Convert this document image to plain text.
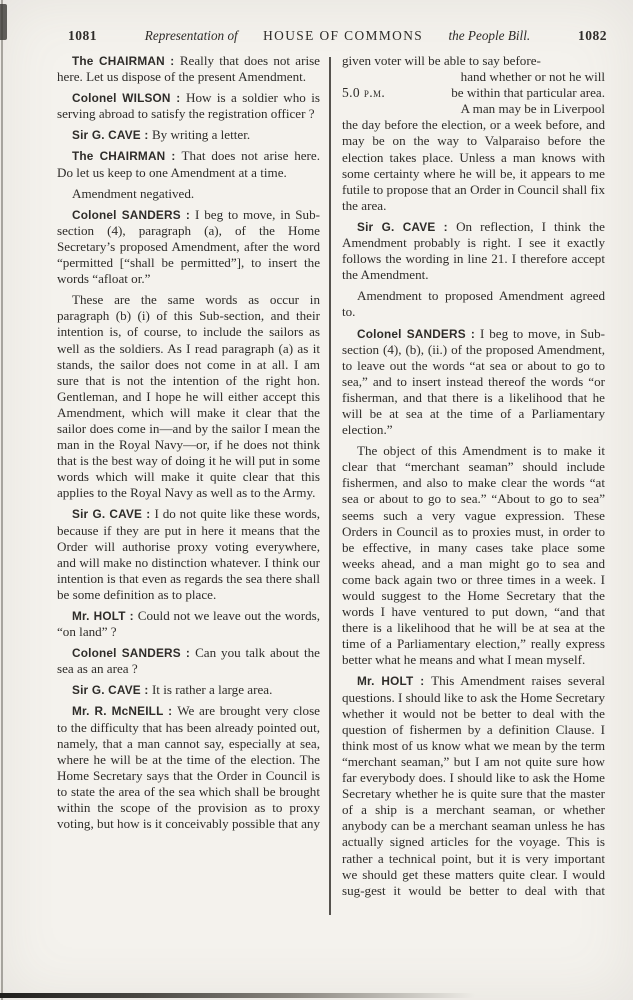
1081	Representation of HOUSE OF COMMONS the People Bill.	1082

The CHAIRMAN : Really that does not arise here. Let us dispose of the present Amendment.

Colonel WILSON : How is a soldier who is serving abroad to satisfy the registration officer ?

Sir G. CAVE : By writing a letter.

The CHAIRMAN : That does not arise here. Do let us keep to one Amendment at a time.

Amendment negatived.

Colonel SANDERS : I beg to move, in Sub-section (4), paragraph (a), of the Home Secretary’s proposed Amendment, after the word “permitted [“shall be permitted”], to insert the words “afloat or.”

These are the same words as occur in paragraph (b) (i) of this Sub-section, and their intention is, of course, to include the sailors as well as the soldiers. As I read paragraph (a) as it stands, the sailor does not come in at all. I am sure that is not the intention of the right hon. Gentleman, and I hope he will either accept this Amendment, which will make it clear that the sailor does come in—and by the sailor I mean the man in the Royal Navy—or, if he does not think that is the best way of doing it he will put in some words which will make it quite clear that this applies to the Royal Navy as well as to the Army.

Sir G. CAVE : I do not quite like these words, because if they are put in here it means that the Order will authorise proxy voting everywhere, and will make no distinction whatever. I think our intention is that even as regards the sea there shall be some definition as to place.

Mr. HOLT : Could not we leave out the words, “on land” ?

Colonel SANDERS : Can you talk about the sea as an area ?

Sir G. CAVE : It is rather a large area.

Mr. R. McNEILL : We are brought very close to the difficulty that has been already pointed out, namely, that a man cannot say, especially at sea, where he will be at the time of the election. The Home Secretary says that the Order in Council is to state the area of the sea which shall be brought within the scope of the provision as to proxy voting, but how is it conceivably possible that any

given voter will be able to say before-
hand whether or not he will
5.0 p.m.	be within that particular area.
A man may be in Liverpool
the day before the election, or a week before, and may be on the way to Valparaiso before the election takes place. Unless a man knows with some certainty where he will be, it appears to me futile to propose that an Order in Council shall fix the area.

Sir G. CAVE : On reflection, I think the Amendment probably is right. I see it exactly follows the wording in line 21. I therefore accept the Amendment.

Amendment to proposed Amendment agreed to.

Colonel SANDERS : I beg to move, in Sub-section (4), (b), (ii.) of the proposed Amendment, to leave out the words “at sea or about to go to sea,” and to insert instead thereof the words “or fisherman, and that there is a likelihood that he will be at sea at the time of a Parliamentary election.”

The object of this Amendment is to make it clear that “merchant seaman” should include fishermen, and also to make clear the words “at sea or about to go to sea.” “About to go to sea” seems such a very vague expression. These Orders in Council as to proxies must, in order to be effective, in many cases take place some weeks ahead, and a man might go to sea and come back again two or three times in a week. I would suggest to the Home Secretary that the words I have ventured to put down, “and that there is a likelihood that he will be at sea at the time of a Parliamentary election,” really express better what he means and what I mean myself.

Mr. HOLT : This Amendment raises several questions. I should like to ask the Home Secretary whether it would not be better to deal with the question of fishermen by a definition Clause. I think most of us know what we mean by the term “merchant seaman,” but I am not quite sure how far everybody does. I should like to ask the Home Secretary whether he is quite sure that the master of a ship is a merchant seaman, or whether anybody can be a merchant seaman unless he has actually signed articles for the voyage. This is rather a technical point, but it is very important we should get these matters quite clear. I would sug-gest it would be better to deal with that
